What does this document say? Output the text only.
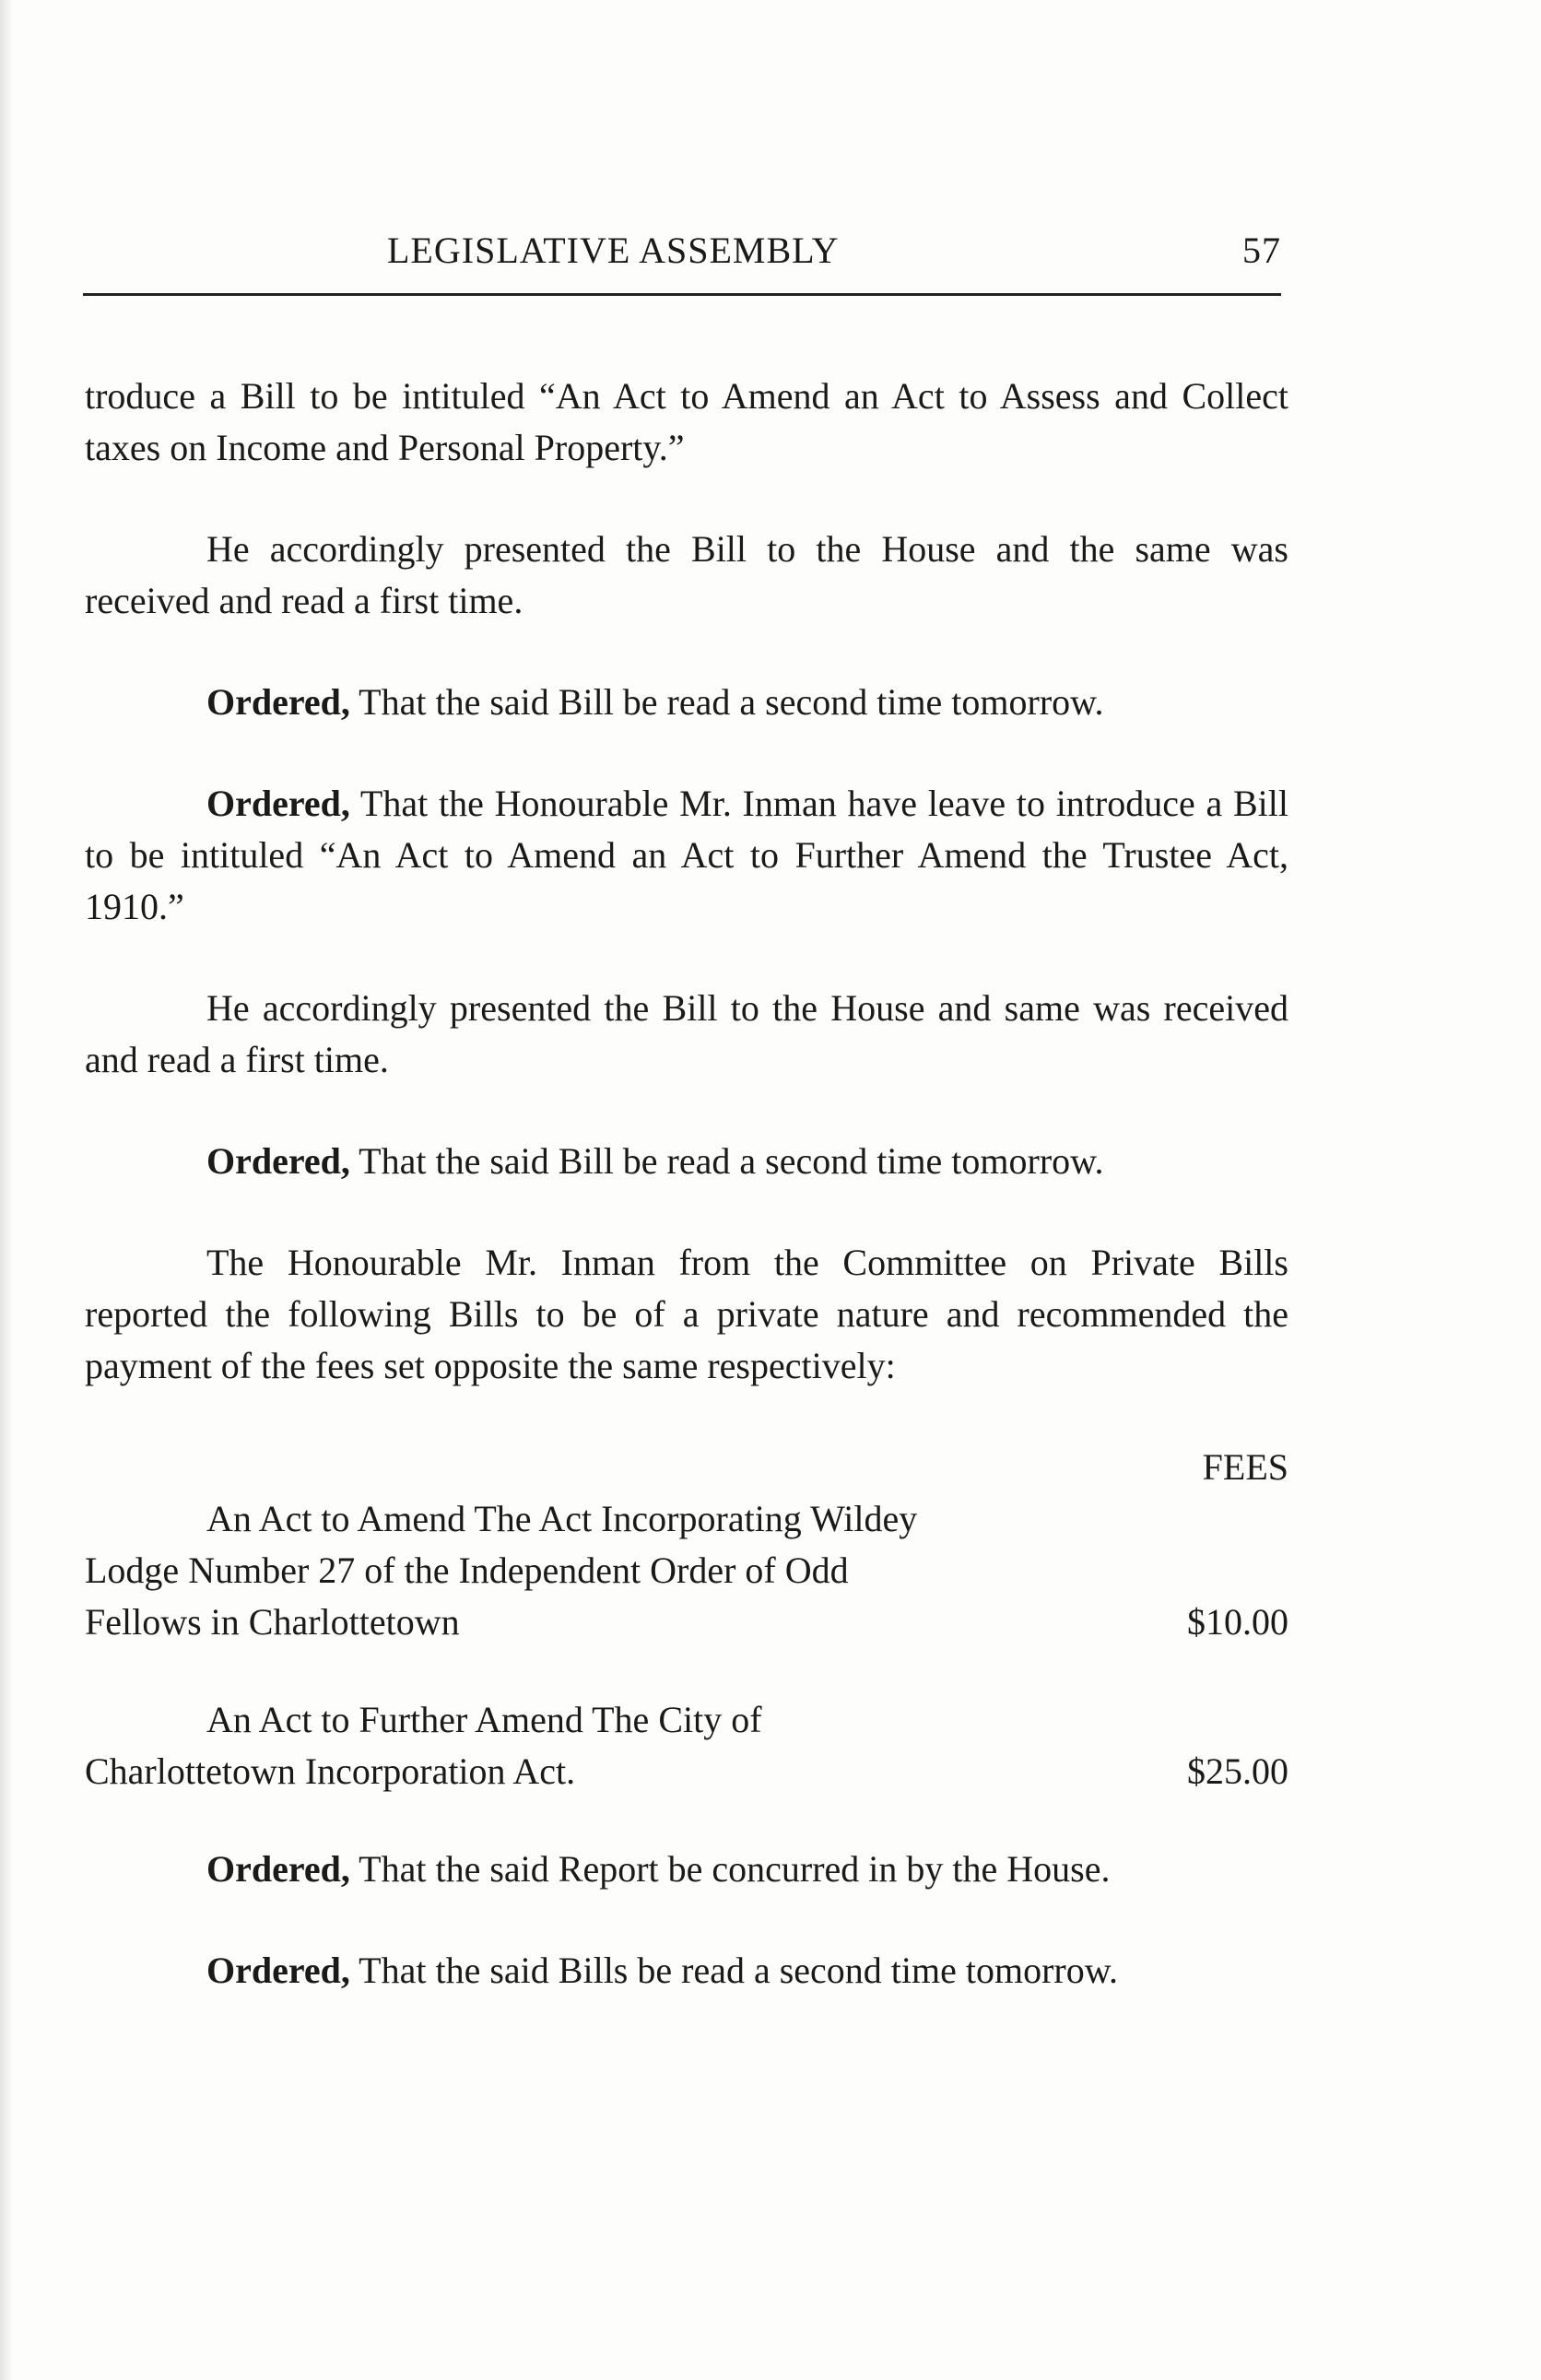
LEGISLATIVE ASSEMBLY	57

troduce a Bill to be intituled “An Act to Amend an Act to Assess and Collect taxes on Income and Personal Property.”

He accordingly presented the Bill to the House and the same was received and read a first time.

Ordered, That the said Bill be read a second time tomorrow.

Ordered, That the Honourable Mr. Inman have leave to introduce a Bill to be intituled “An Act to Amend an Act to Further Amend the Trustee Act, 1910.”

He accordingly presented the Bill to the House and same was received and read a first time.

Ordered, That the said Bill be read a second time tomorrow.

The Honourable Mr. Inman from the Committee on Private Bills reported the following Bills to be of a private nature and recommended the payment of the fees set opposite the same respectively:

FEES

An Act to Amend The Act Incorporating Wildey Lodge Number 27 of the Independent Order of Odd Fellows in Charlottetown	$10.00
An Act to Further Amend The City of Charlottetown Incorporation Act.	$25.00

Ordered, That the said Report be concurred in by the House.

Ordered, That the said Bills be read a second time tomorrow.
